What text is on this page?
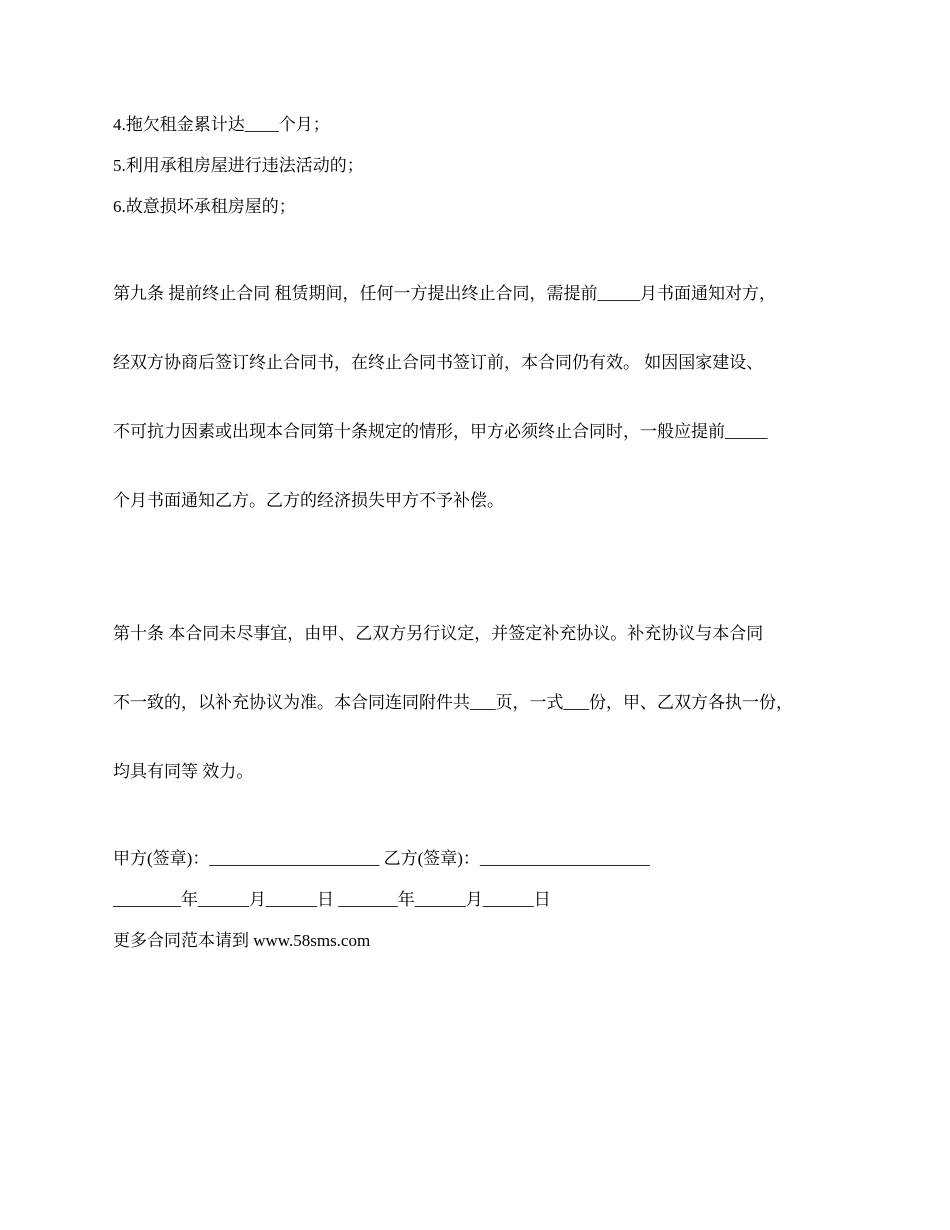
4.拖欠租金累计达____个月；

5.利用承租房屋进行违法活动的；

6.故意损坏承租房屋的；

第九条 提前终止合同 租赁期间，任何一方提出终止合同，需提前_____月书面通知对方，

经双方协商后签订终止合同书，在终止合同书签订前，本合同仍有效。 如因国家建设、

不可抗力因素或出现本合同第十条规定的情形，甲方必须终止合同时，一般应提前_____

个月书面通知乙方。乙方的经济损失甲方不予补偿。

第十条 本合同未尽事宜，由甲、乙双方另行议定，并签定补充协议。补充协议与本合同

不一致的，以补充协议为准。本合同连同附件共___页，一式___份，甲、乙双方各执一份，

均具有同等 效力。

甲方(签章)：____________________ 乙方(签章)：____________________
________年______月______日 _______年______月______日
更多合同范本请到 www.58sms.com
